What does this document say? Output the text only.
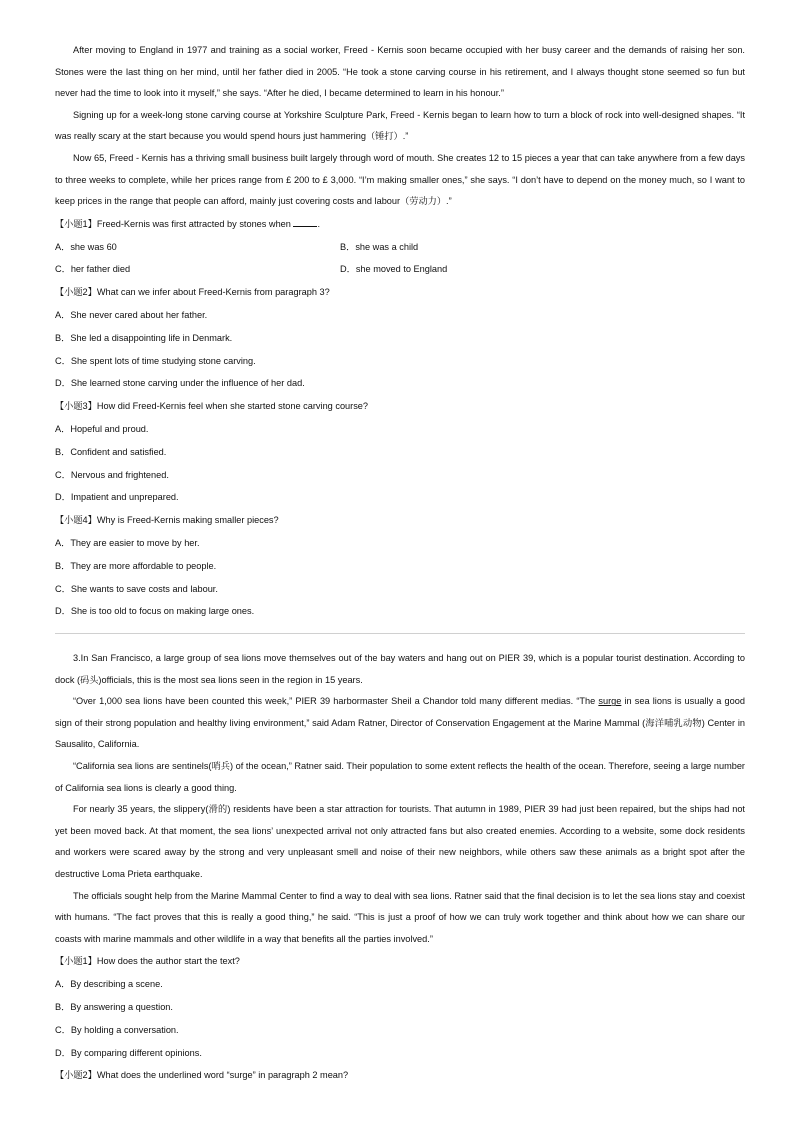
After moving to England in 1977 and training as a social worker, Freed - Kernis soon became occupied with her busy career and the demands of raising her son. Stones were the last thing on her mind, until her father died in 2005. “He took a stone carving course in his retirement, and I always thought stone seemed so fun but never had the time to look into it myself,” she says. “After he died, I became determined to learn in his honour.”

Signing up for a week-long stone carving course at Yorkshire Sculpture Park, Freed - Kernis began to learn how to turn a block of rock into well-designed shapes. “It was really scary at the start because you would spend hours just hammering（锤打）.”

Now 65, Freed - Kernis has a thriving small business built largely through word of mouth. She creates 12 to 15 pieces a year that can take anywhere from a few days to three weeks to complete, while her prices range from £ 200 to £ 3,000. “I’m making smaller ones,” she says. “I don’t have to depend on the money much, so I want to keep prices in the range that people can afford, mainly just covering costs and labour（劳动力）.”

【小题1】Freed-Kernis was first attracted by stones when	.

A．she was 60	B．she was a child

C．her father died	D．she moved to England

【小题2】What can we infer about Freed-Kernis from paragraph 3?

A．She never cared about her father.

B．She led a disappointing life in Denmark.

C．She spent lots of time studying stone carving.

D．She learned stone carving under the influence of her dad.

【小题3】How did Freed-Kernis feel when she started stone carving course?

A．Hopeful and proud.

B．Confident and satisfied.

C．Nervous and frightened.

D．Impatient and unprepared.

【小题4】Why is Freed-Kernis making smaller pieces?

A．They are easier to move by her.

B．They are more affordable to people.

C．She wants to save costs and labour.

D．She is too old to focus on making large ones.

3.In San Francisco, a large group of sea lions move themselves out of the bay waters and hang out on PIER 39, which is a popular tourist destination. According to dock (码头)officials, this is the most sea lions seen in the region in 15 years.

“Over 1,000 sea lions have been counted this week,” PIER 39 harbormaster Sheil a Chandor told many different medias. “The surge in sea lions is usually a good sign of their strong population and healthy living environment,” said Adam Ratner, Director of Conservation Engagement at the Marine Mammal (海洋哺乳动物) Center in Sausalito, California.

“California sea lions are sentinels(哨兵) of the ocean,” Ratner said. Their population to some extent reflects the health of the ocean. Therefore, seeing a large number of California sea lions is clearly a good thing.

For nearly 35 years, the slippery(滑的) residents have been a star attraction for tourists. That autumn in 1989, PIER 39 had just been repaired, but the ships had not yet been moved back. At that moment, the sea lions’ unexpected arrival not only attracted fans but also created enemies. According to a website, some dock residents and workers were scared away by the strong and very unpleasant smell and noise of their new neighbors, while others saw these animals as a bright spot after the destructive Loma Prieta earthquake.

The officials sought help from the Marine Mammal Center to find a way to deal with sea lions. Ratner said that the final decision is to let the sea lions stay and coexist with humans. “The fact proves that this is really a good thing,” he said. “This is just a proof of how we can truly work together and think about how we can share our coasts with marine mammals and other wildlife in a way that benefits all the parties involved.”

【小题1】How does the author start the text?

A．By describing a scene.

B．By answering a question.

C．By holding a conversation.

D．By comparing different opinions.

【小题2】What does the underlined word “surge” in paragraph 2 mean?
